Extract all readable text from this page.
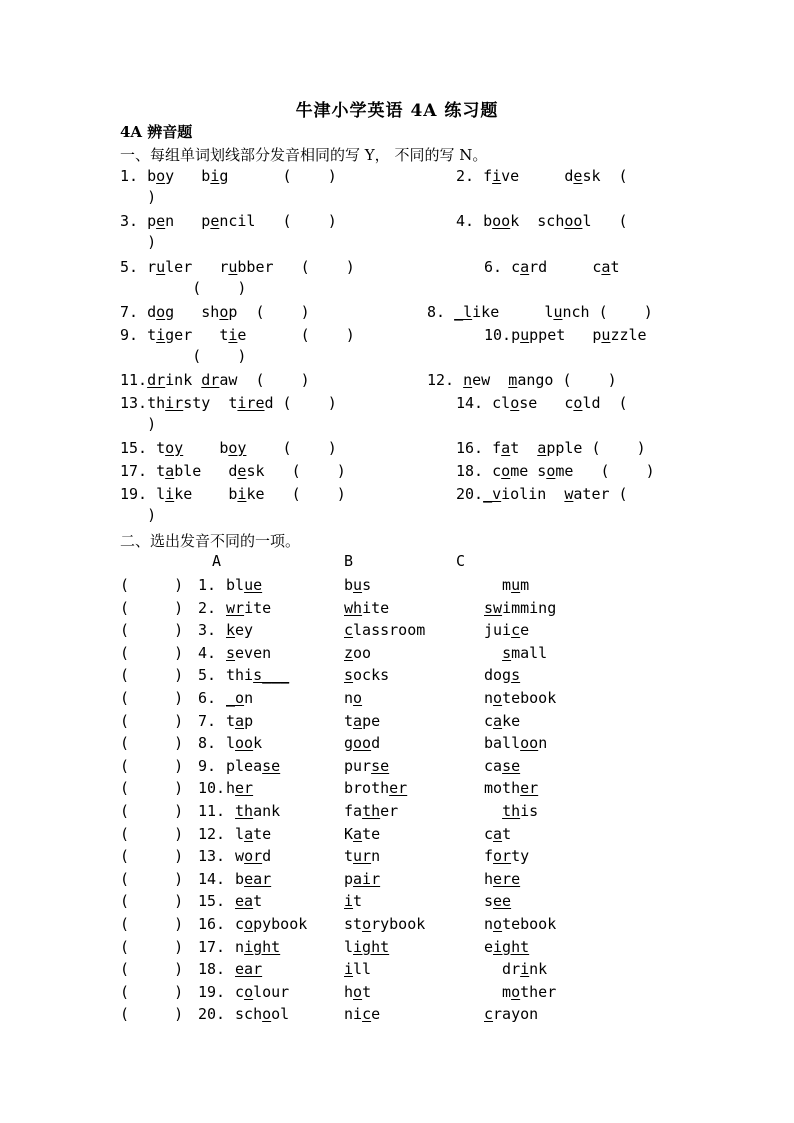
牛津小学英语 4A 练习题
4A 辨音题
一、每组单词划线部分发音相同的写 Y， 不同的写 N。
1. boy   big      (    )	2. five     desk  (
)
3. pen   pencil   (    )	4. book  school   (
)
5. ruler   rubber   (    )	6. card     cat
(    )
7. dog   shop  (    )	8. _like     lunch (    )
9. tiger   tie      (    )	10.puppet   puzzle
(    )
11.drink draw  (    )	12. new  mango (    )
13.thirsty  tired (    )	14. close   cold  (
)
15. toy    boy    (    )	16. fat  apple (    )
17. table   desk   (    )	18. come some   (    )
19. like    bike   (    )	20._violin  water (
)
二、选出发音不同的一项。
A	B	C
(     ) 1. blue	bus	mum
(     ) 2. write	white	swimming
(     ) 3. key	classroom	juice
(     ) 4. seven	zoo	small
(     ) 5. this___	socks	dogs
(     ) 6. _on	no	notebook
(     ) 7. tap	tape	cake
(     ) 8. look	good	balloon
(     ) 9. please	purse	case
(     ) 10. her	brother	mother
(     ) 11. thank	father	this
(     ) 12. late	Kate	cat
(     ) 13. word	turn	forty
(     ) 14. bear	pair	here
(     ) 15. eat	it	see
(     ) 16. copybook storybook	notebook
(     ) 17. night	light	eight
(     ) 18. ear	ill	drink
(     ) 19. colour	hot	mother
(     ) 20. school	nice	crayon
